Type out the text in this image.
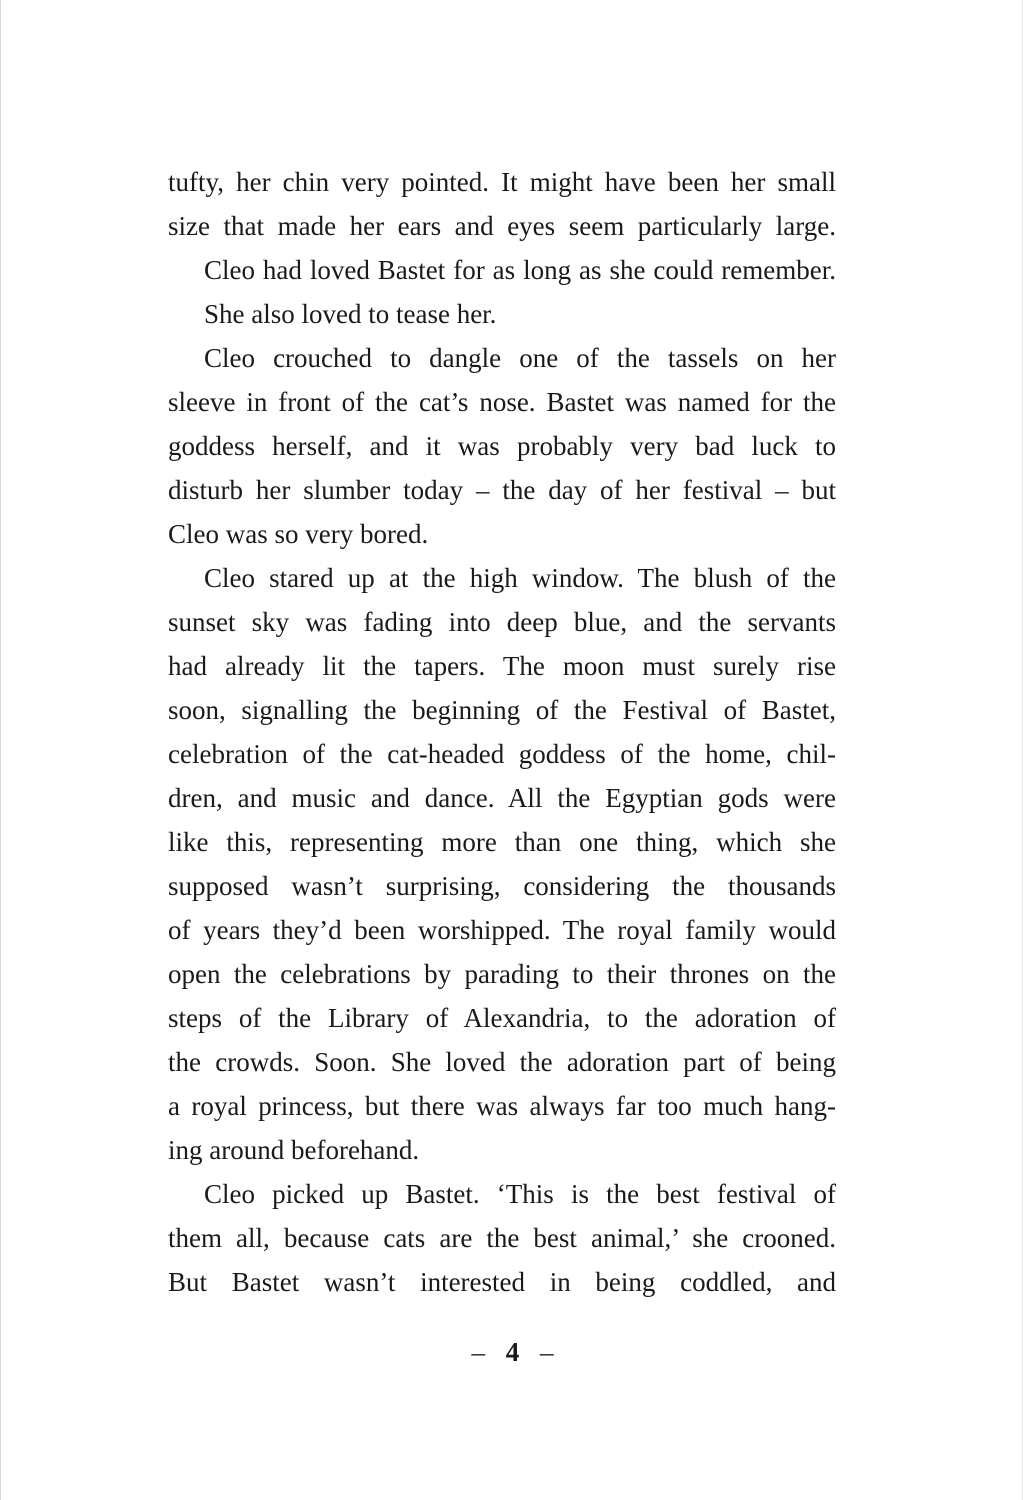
tufty, her chin very pointed. It might have been her small
size that made her ears and eyes seem particularly large.
Cleo had loved Bastet for as long as she could remember.
She also loved to tease her.
Cleo crouched to dangle one of the tassels on her
sleeve in front of the cat’s nose. Bastet was named for the
goddess herself, and it was probably very bad luck to
disturb her slumber today – the day of her festival – but
Cleo was so very bored.
Cleo stared up at the high window. The blush of the
sunset sky was fading into deep blue, and the servants
had already lit the tapers. The moon must surely rise
soon, signalling the beginning of the Festival of Bastet,
celebration of the cat-headed goddess of the home, chil-
dren, and music and dance. All the Egyptian gods were
like this, representing more than one thing, which she
supposed wasn’t surprising, considering the thousands
of years they’d been worshipped. The royal family would
open the celebrations by parading to their thrones on the
steps of the Library of Alexandria, to the adoration of
the crowds. Soon. She loved the adoration part of being
a royal princess, but there was always far too much hang-
ing around beforehand.
Cleo picked up Bastet. ‘This is the best festival of
them all, because cats are the best animal,’ she crooned.
But Bastet wasn’t interested in being coddled, and
– 4 –
